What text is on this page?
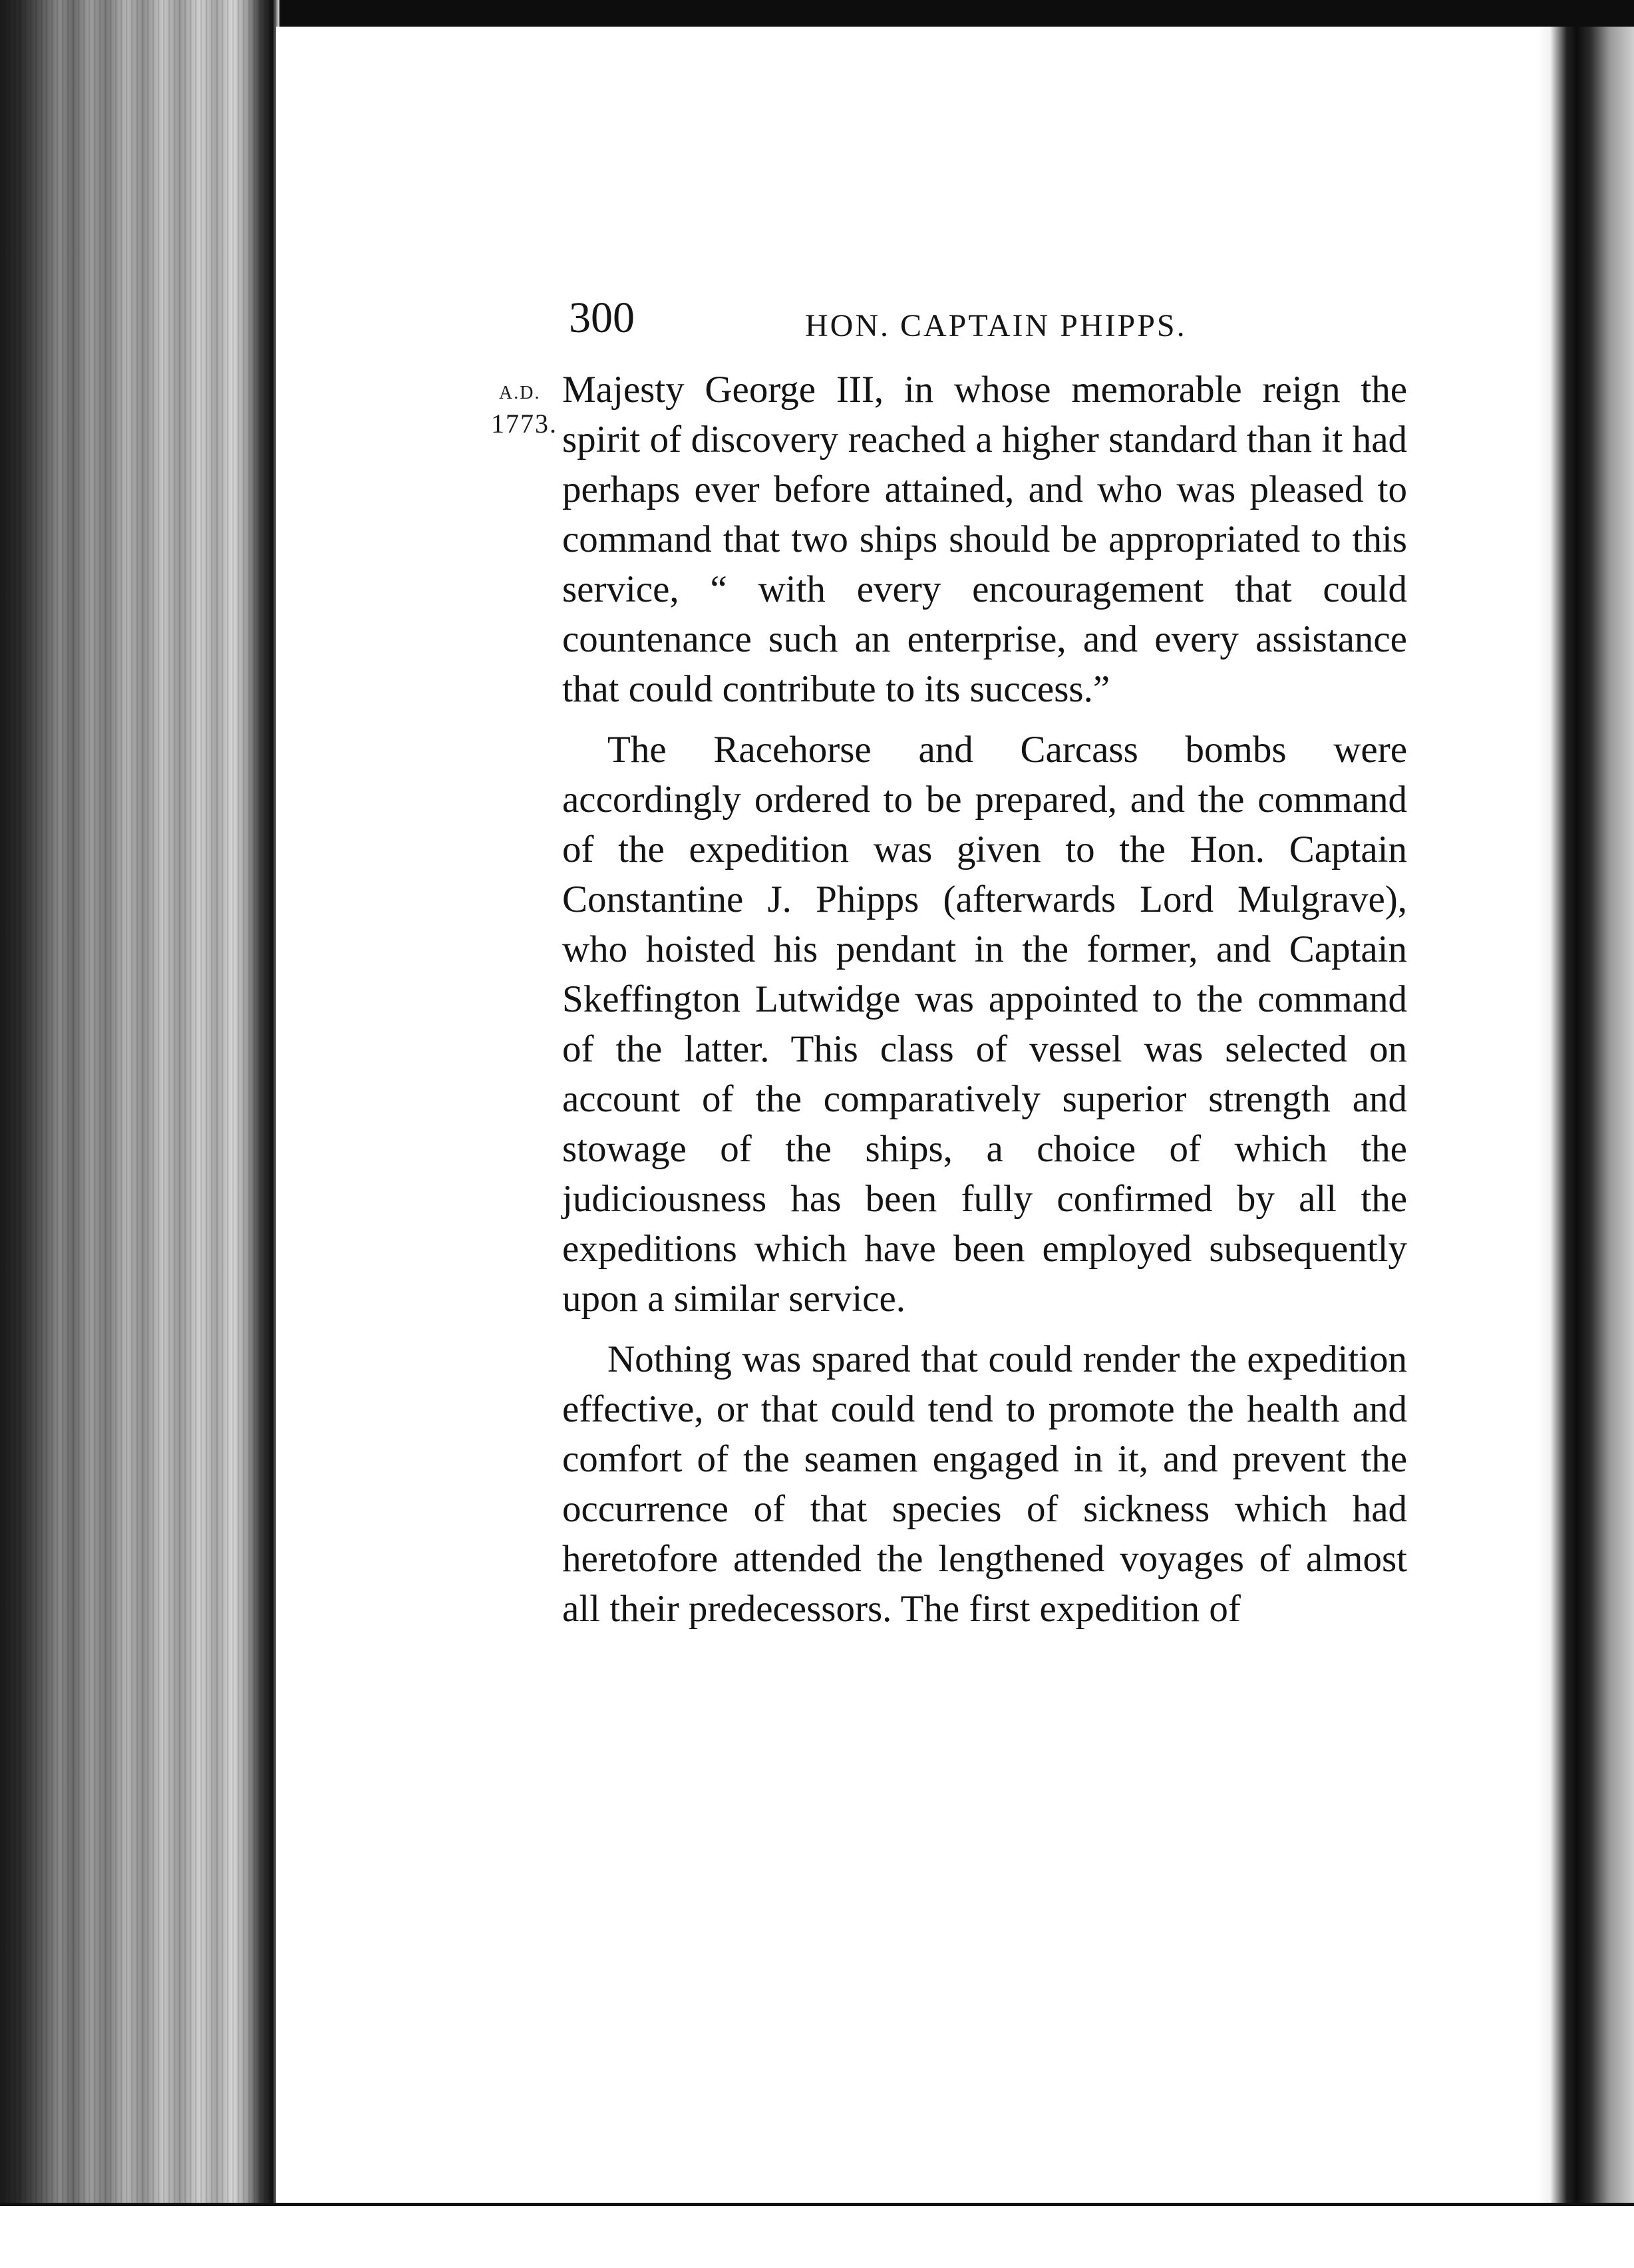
300	HON. CAPTAIN PHIPPS.
A.D.
1773.

Majesty George III, in whose memorable reign the spirit of discovery reached a higher standard than it had perhaps ever before attained, and who was pleased to command that two ships should be appropriated to this service, “ with every encouragement that could countenance such an enterprise, and every assistance that could contribute to its success.”

The Racehorse and Carcass bombs were accordingly ordered to be prepared, and the command of the expedition was given to the Hon. Captain Constantine J. Phipps (afterwards Lord Mulgrave), who hoisted his pendant in the former, and Captain Skeffington Lutwidge was appointed to the command of the latter. This class of vessel was selected on account of the comparatively superior strength and stowage of the ships, a choice of which the judiciousness has been fully confirmed by all the expeditions which have been employed subsequently upon a similar service.

Nothing was spared that could render the expedition effective, or that could tend to promote the health and comfort of the seamen engaged in it, and prevent the occurrence of that species of sickness which had heretofore attended the lengthened voyages of almost all their predecessors. The first expedition of
